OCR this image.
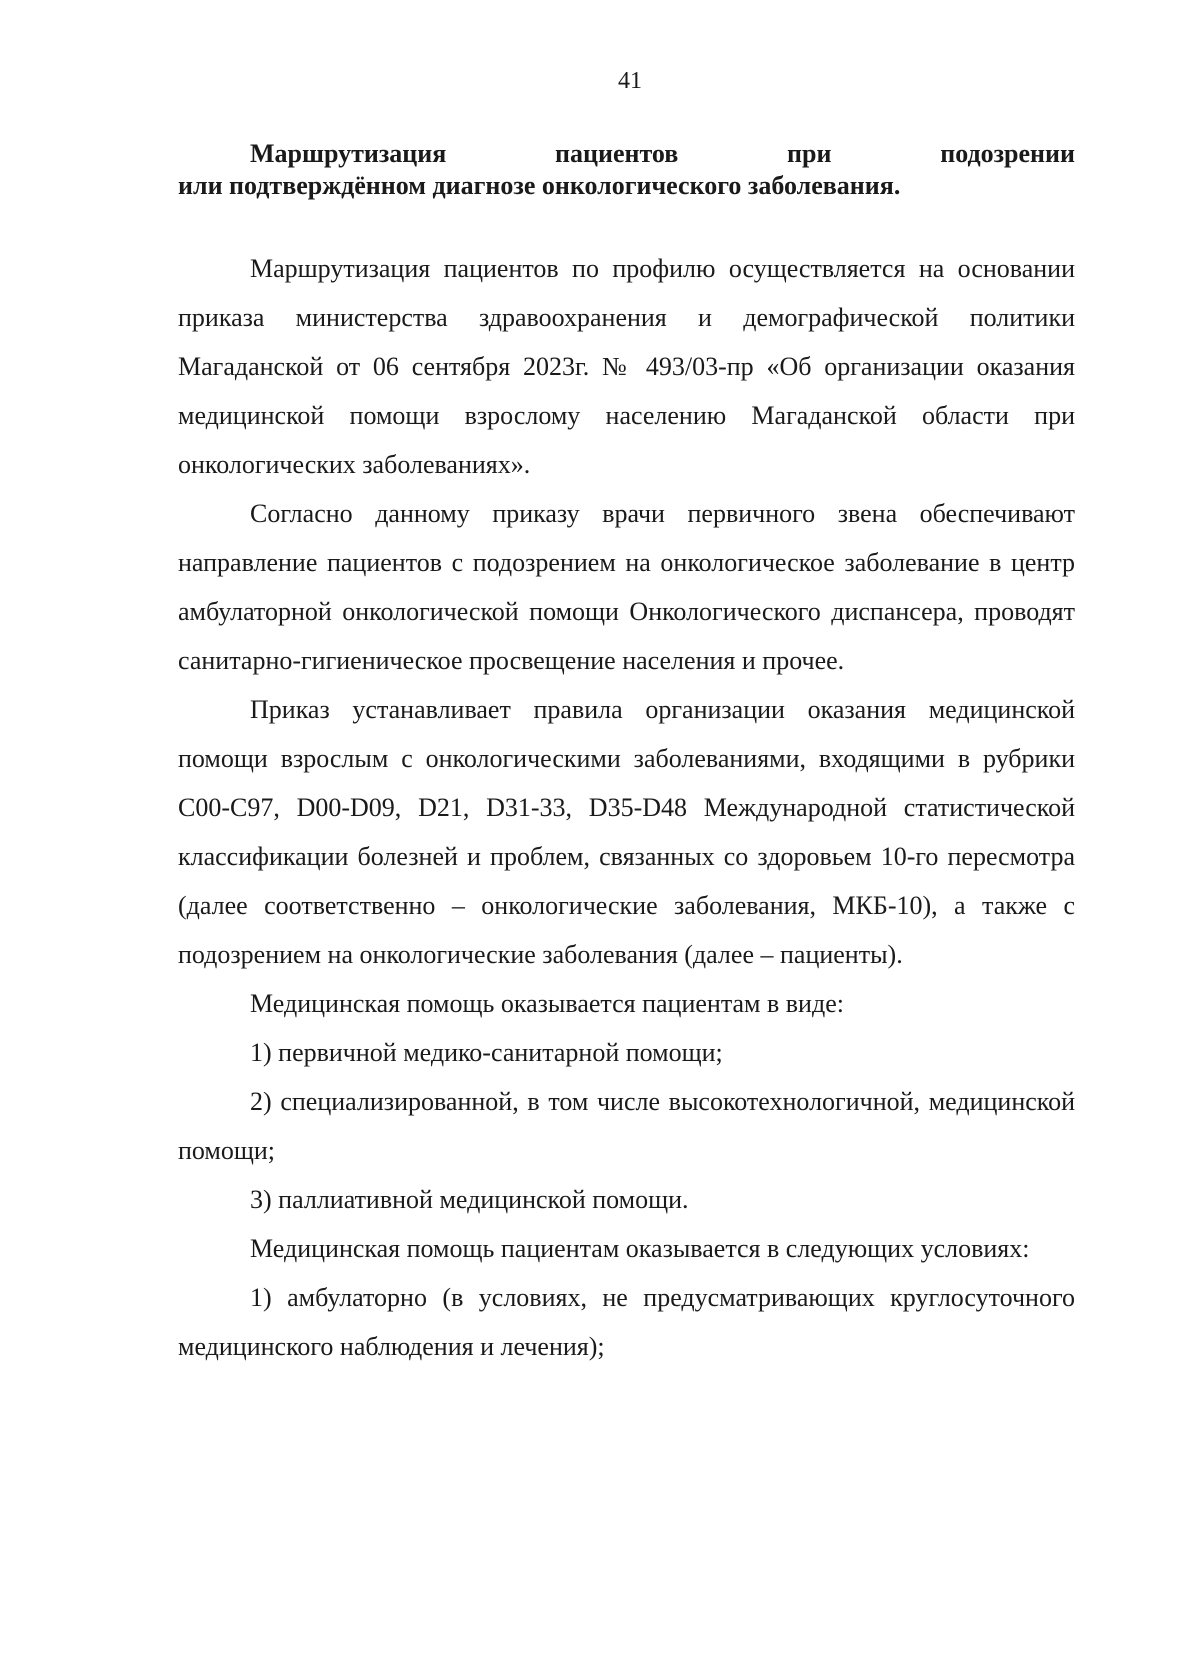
41
Маршрутизация пациентов при подозрении
или подтверждённом диагнозе онкологического заболевания.

Маршрутизация пациентов по профилю осуществляется на основании приказа министерства здравоохранения и демографической политики Магаданской от 06 сентября 2023г. № 493/03-пр «Об организации оказания медицинской помощи взрослому населению Магаданской области при онкологических заболеваниях».

Согласно данному приказу врачи первичного звена обеспечивают направление пациентов с подозрением на онкологическое заболевание в центр амбулаторной онкологической помощи Онкологического диспансера, проводят санитарно-гигиеническое просвещение населения и прочее.

Приказ устанавливает правила организации оказания медицинской помощи взрослым с онкологическими заболеваниями, входящими в рубрики С00-С97, D00-D09, D21, D31-33, D35-D48 Международной статистической классификации болезней и проблем, связанных со здоровьем 10-го пересмотра (далее соответственно – онкологические заболевания, МКБ-10), а также с подозрением на онкологические заболевания (далее – пациенты).

Медицинская помощь оказывается пациентам в виде:

1) первичной медико-санитарной помощи;

2) специализированной, в том числе высокотехнологичной, медицинской помощи;

3) паллиативной медицинской помощи.

Медицинская помощь пациентам оказывается в следующих условиях:

1) амбулаторно (в условиях, не предусматривающих круглосуточного медицинского наблюдения и лечения);
